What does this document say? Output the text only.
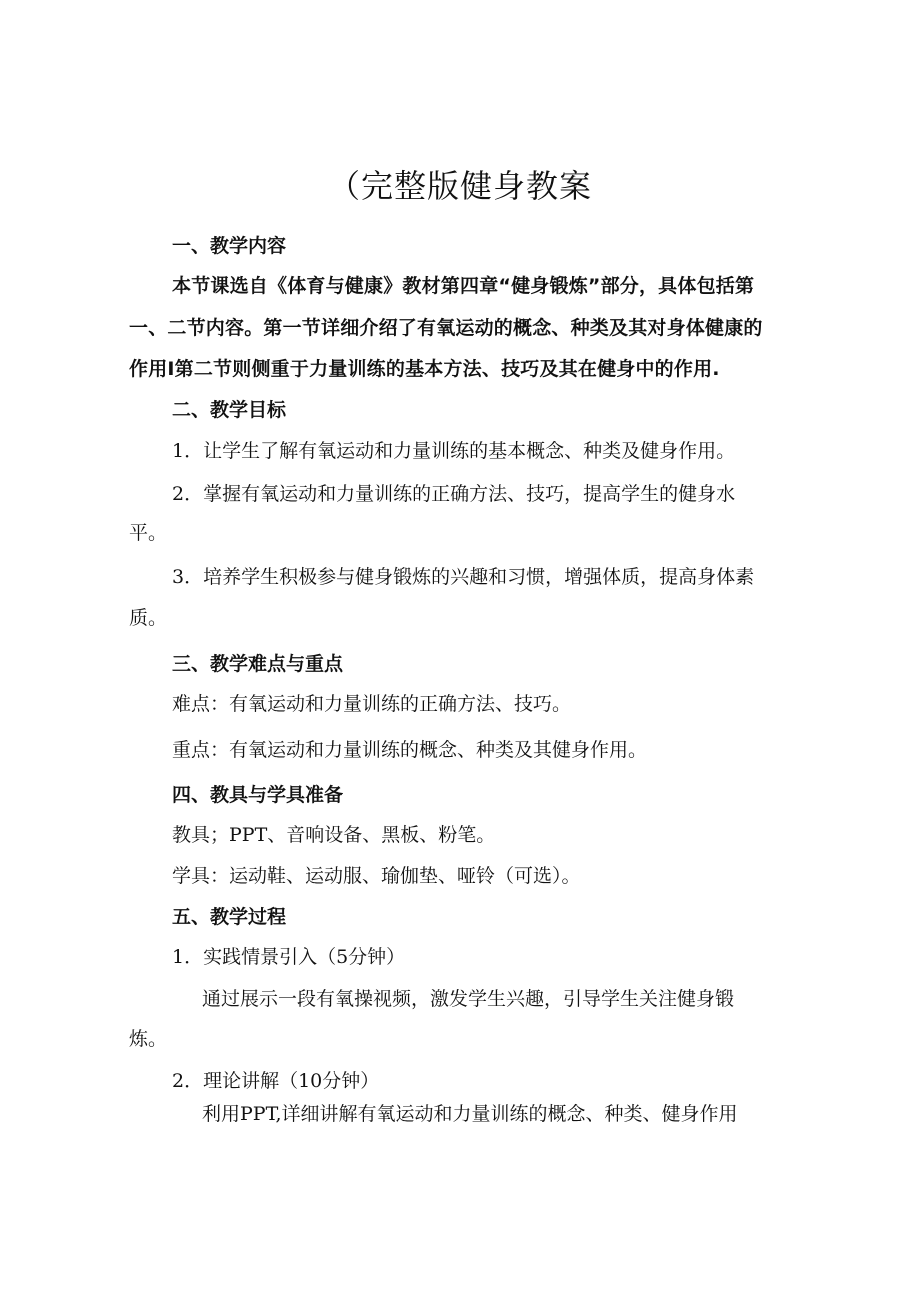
（完整版健身教案

一、教学内容

本节课选自《体育与健康》教材第四章“健身锻炼”部分，具体包括第

一、二节内容。第一节详细介绍了有氧运动的概念、种类及其对身体健康的

作用I第二节则侧重于力量训练的基本方法、技巧及其在健身中的作用.

二、教学目标

1．让学生了解有氧运动和力量训练的基本概念、种类及健身作用。

2．掌握有氧运动和力量训练的正确方法、技巧，提高学生的健身水

平。

3．培养学生积极参与健身锻炼的兴趣和习惯，增强体质，提高身体素

质。

三、教学难点与重点

难点：有氧运动和力量训练的正确方法、技巧。

重点：有氧运动和力量训练的概念、种类及其健身作用。

四、教具与学具准备

教具；PPT、音响设备、黑板、粉笔。

学具：运动鞋、运动服、瑜伽垫、哑铃（可选）。

五、教学过程

1．实践情景引入（5分钟）

通过展示一段有氧操视频，激发学生兴趣，引导学生关注健身锻

炼。

2．理论讲解（10分钟）

利用PPT,详细讲解有氧运动和力量训练的概念、种类、健身作用
